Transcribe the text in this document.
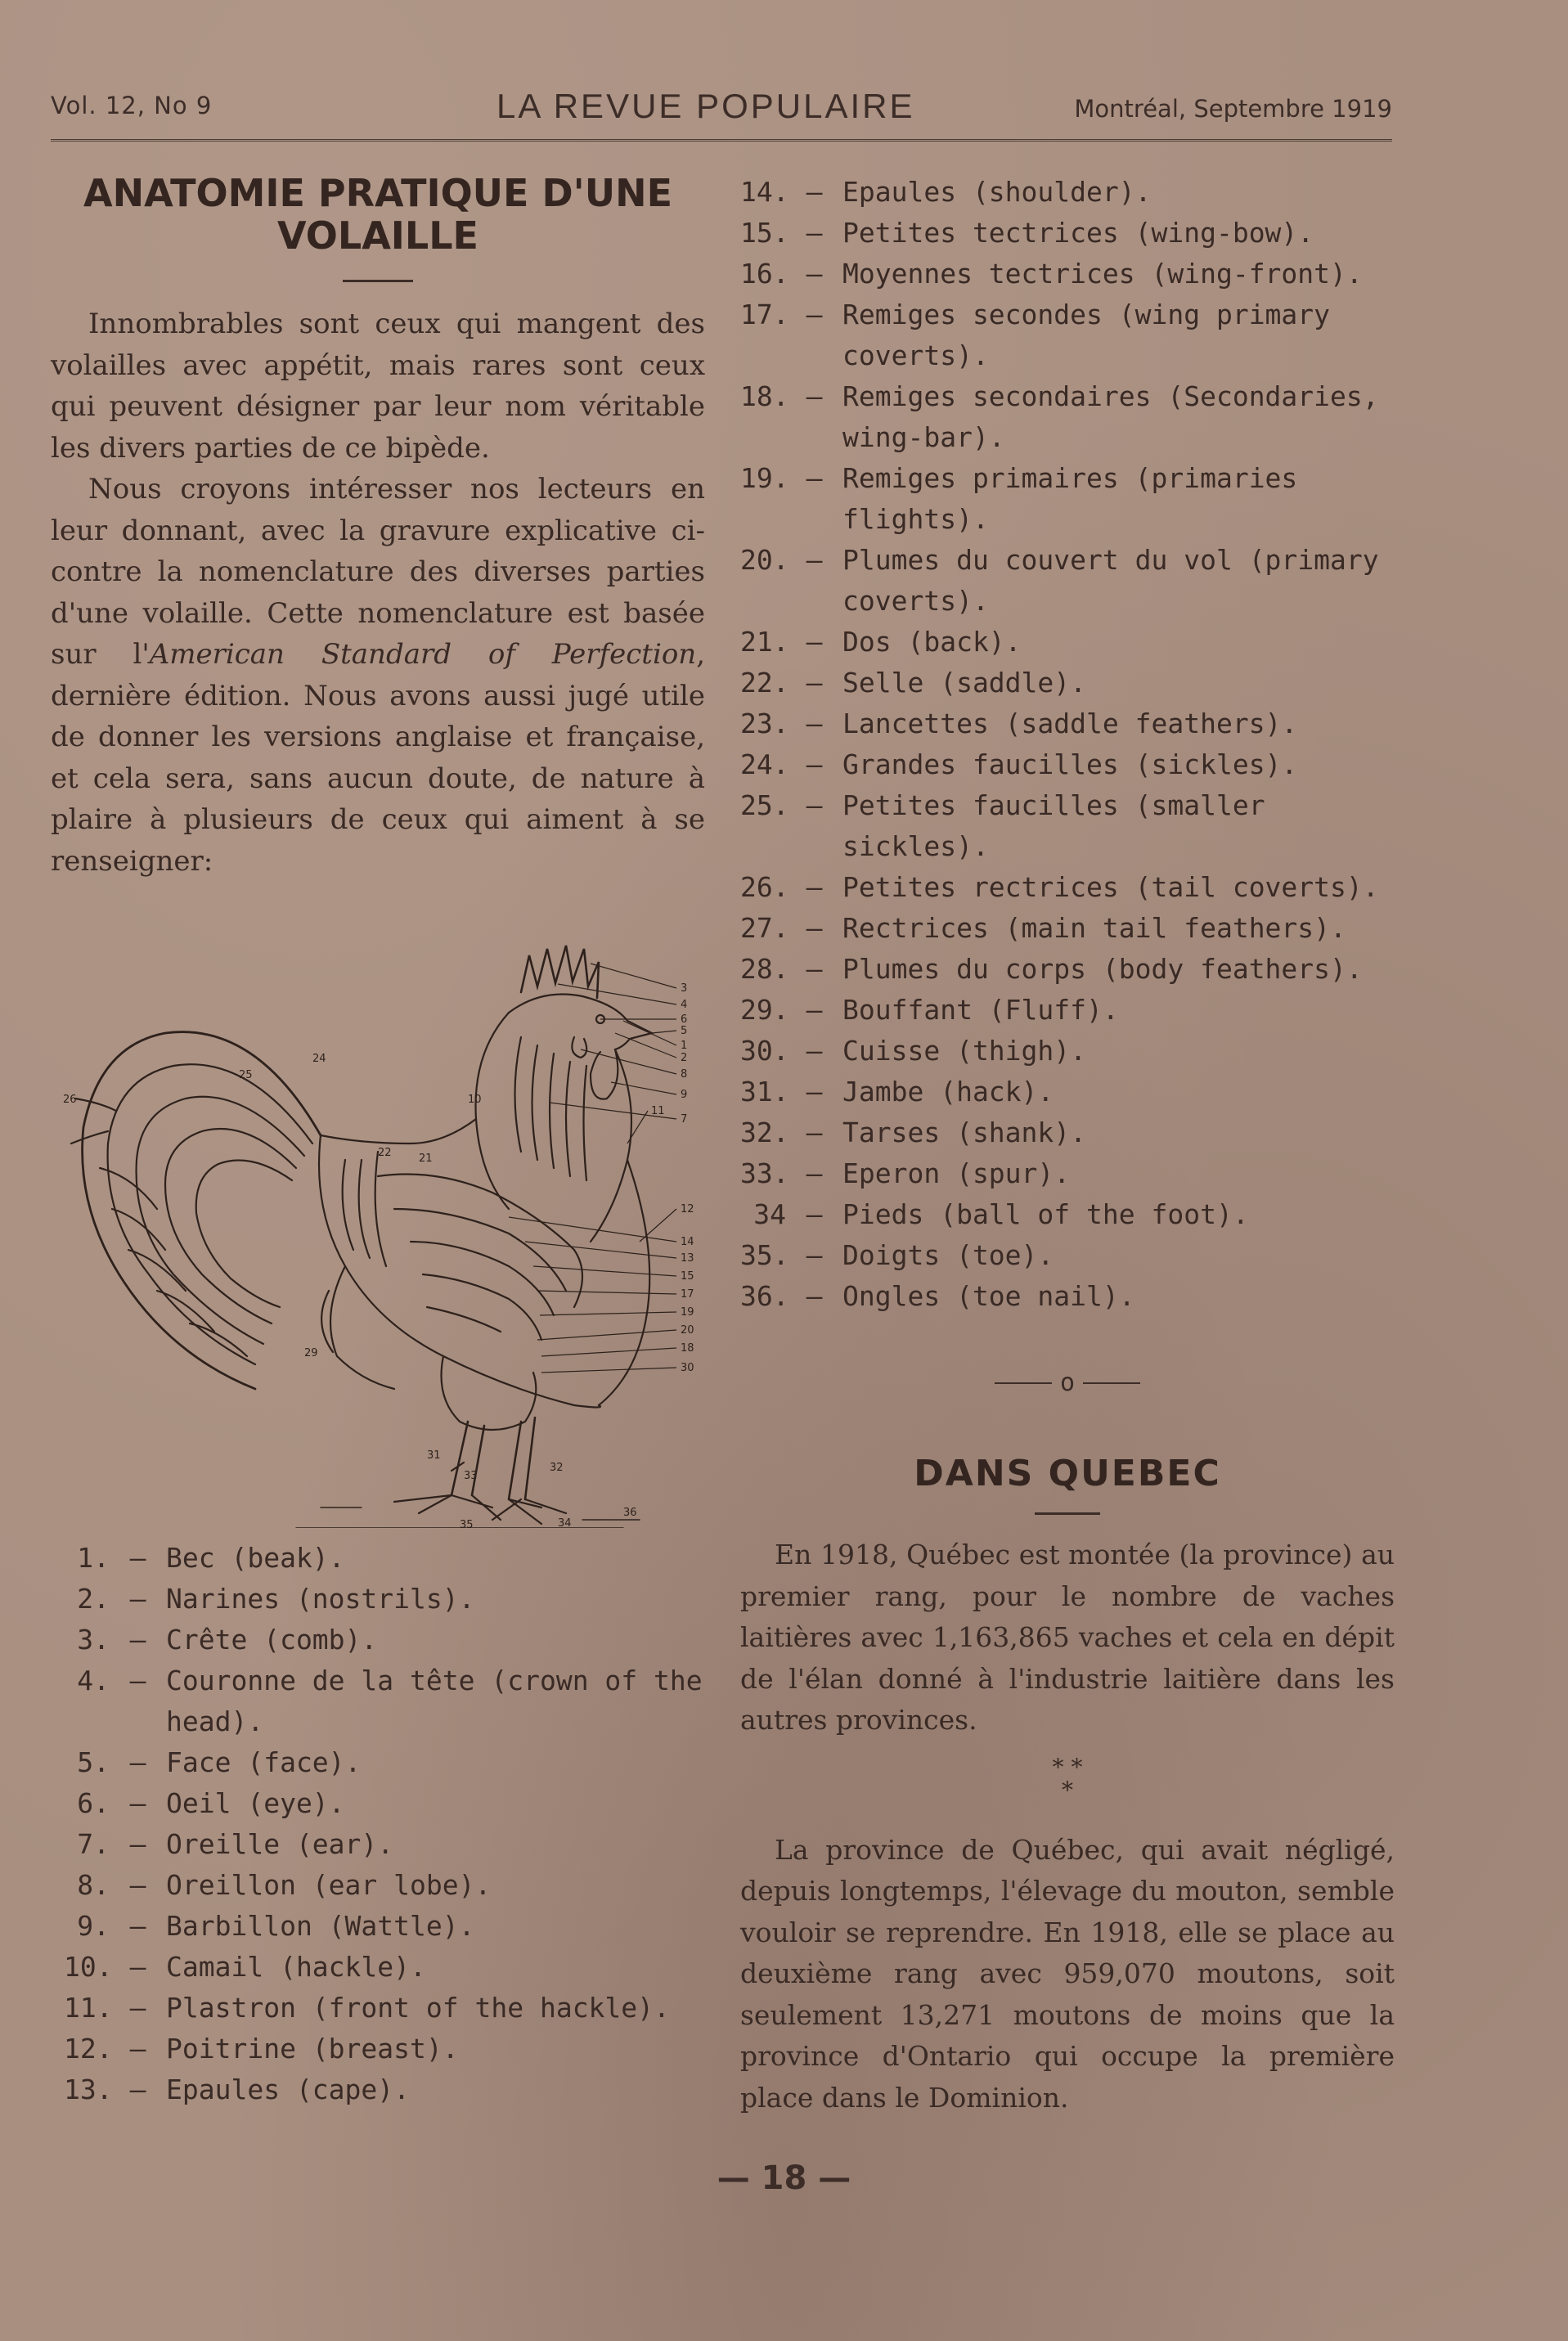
Vol. 12, No 9	LA REVUE POPULAIRE	Montréal, Septembre 1919
ANATOMIE PRATIQUE D'UNE
VOLAILLE

Innombrables sont ceux qui mangent des volailles avec appétit, mais rares sont ceux qui peuvent désigner par leur nom véritable les divers parties de ce bipède.

Nous croyons intéresser nos lecteurs en leur donnant, avec la gravure explicative ci-contre la nomenclature des diverses parties d'une volaille. Cette nomenclature est basée sur l'American Standard of Perfection, dernière édition. Nous avons aussi jugé utile de donner les versions anglaise et française, et cela sera, sans aucun doute, de nature à plaire à plusieurs de ceux qui aiment à se renseigner:

5
1
3
4
2
6
8
9
7
11
12
14
13
15
17
19
20
18
30
25
24
26
22	21
10
29
31
33
32
35	34
36
1. — Bec (beak).
2. — Narines (nostrils).
3. — Crête (comb).
4. — Couronne de la tête (crown of the head).
5. — Face (face).
6. — Oeil (eye).
7. — Oreille (ear).
8. — Oreillon (ear lobe).
9. — Barbillon (Wattle).
10. — Camail (hackle).
11. — Plastron (front of the hackle).
12. — Poitrine (breast).
13. — Epaules (cape).
14. — Epaules (shoulder).
15. — Petites tectrices (wing-bow).
16. — Moyennes tectrices (wing-front).
17. — Remiges secondes (wing primary coverts).
18. — Remiges secondaires (Secondaries, wing-bar).
19. — Remiges primaires (primaries flights).
20. — Plumes du couvert du vol (primary coverts).
21. — Dos (back).
22. — Selle (saddle).
23. — Lancettes (saddle feathers).
24. — Grandes faucilles (sickles).
25. — Petites faucilles (smaller sickles).
26. — Petites rectrices (tail coverts).
27. — Rectrices (main tail feathers).
28. — Plumes du corps (body feathers).
29. — Bouffant (Fluff).
30. — Cuisse (thigh).
31. — Jambe (hack).
32. — Tarses (shank).
33. — Eperon (spur).
34 — Pieds (ball of the foot).
35. — Doigts (toe).
36. — Ongles (toe nail).
o
DANS QUEBEC

En 1918, Québec est montée (la province) au premier rang, pour le nombre de vaches laitières avec 1,163,865 vaches et cela en dépit de l'élan donné à l'industrie laitière dans les autres provinces.

* *
*

La province de Québec, qui avait négligé, depuis longtemps, l'élevage du mouton, semble vouloir se reprendre. En 1918, elle se place au deuxième rang avec 959,070 moutons, soit seulement 13,271 moutons de moins que la province d'Ontario qui occupe la première place dans le Dominion.

— 18 —
